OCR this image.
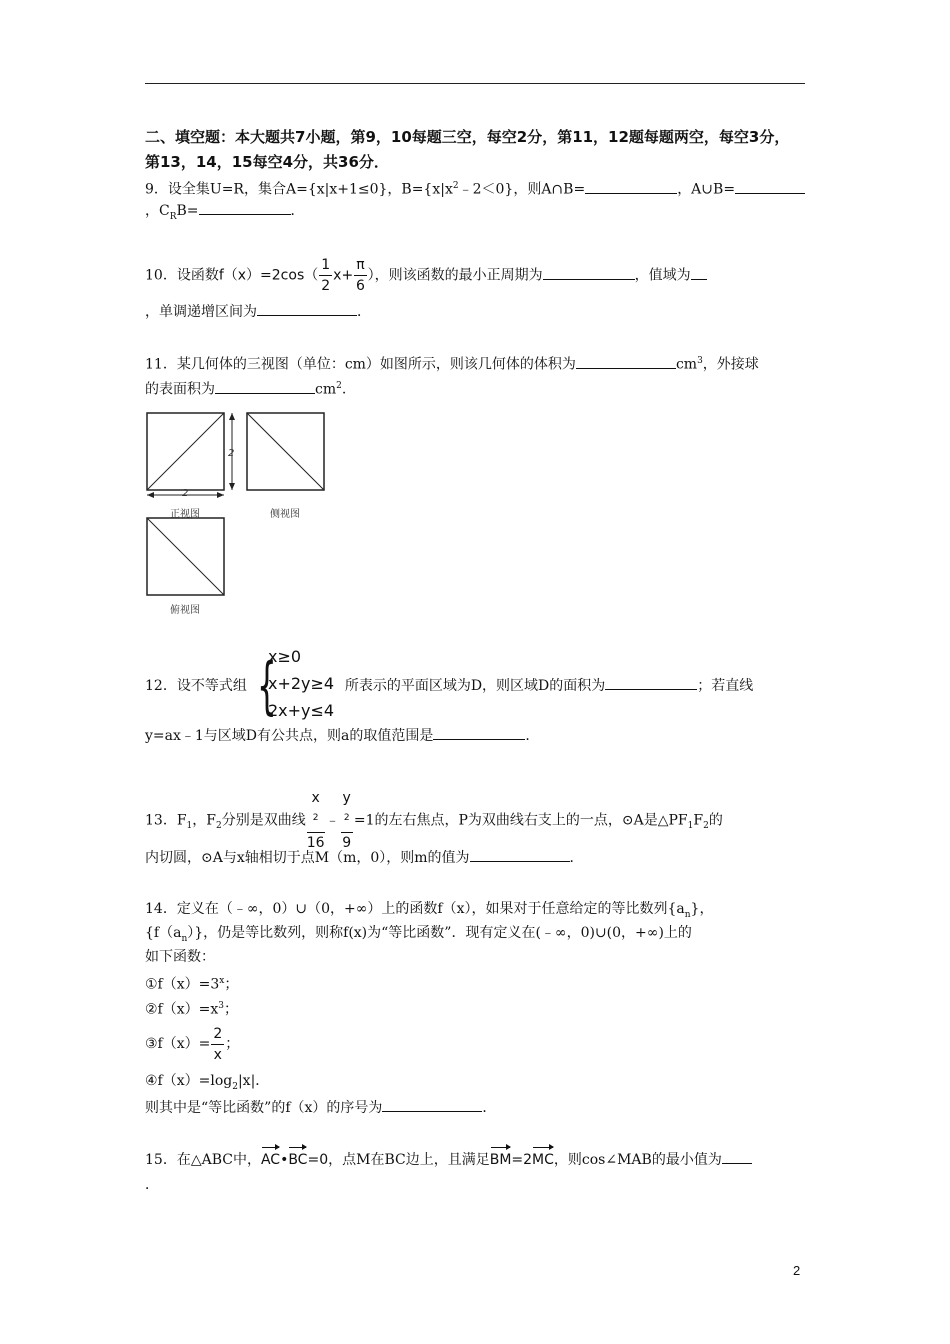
二、填空题：本大题共7小题，第9，10每题三空，每空2分，第11，12题每题两空，每空3分，
第13，14，15每空4分，共36分．
9．设全集U=R，集合A={x|x+1≤0}，$B=\{x|x^2﹣2<0\}$，则A∩B=	，A∪B=
，$C_RB=$	．
10．设函数$f(x)=2\cos( \frac{1}{2} x+ \frac{\pi}{6}$ ），则该函数的最小正周期为	，值域为
，单调递增区间为	．
11．某几何体的三视图（单位：cm）如图所示，则该几何体的体积为	$cm^3$，外接球
的表面积为	$cm^2$.
2
2
正视图	侧视图
俯视图
12．设不等式组	所表示的平面区域为D，则区域D的面积为	；若直线
{
x≥0
x+2y≥4
2x+y≤4
y=ax﹣1与区域D有公共点，则a的取值范围是	．
13．$F_1$，$F_2$分别是双曲线 x
$^2$
16 ﹣ y
$^2$
9 =1的左右焦点，P为双曲线右支上的一点，⊙A是$\triangle PF_1F_2$的
内切圆，⊙A与x轴相切于点M（m，0），则m的值为	．
14．定义在（﹣∞，0）∪（0，+∞）上的函数f（x），如果对于任意给定的等比数列$\{a_n\}$，
$\{f(a_n)\}$，仍是等比数列，则称f(x)为“等比函数”．现有定义在(﹣∞，0)∪(0，+∞)上的
如下函数：
$①f(x)=3^x$；
$②f(x)=x^3$；
③f（x）= $\frac{2}{x}$ ；
$④f(x)=\log_2|x|$．
则其中是“等比函数”的f（x）的序号为	．
15．在△ABC中，AC•BC=0，点M在BC边上，且满足BM=2MC，则cos∠MAB的最小值为
．
2
